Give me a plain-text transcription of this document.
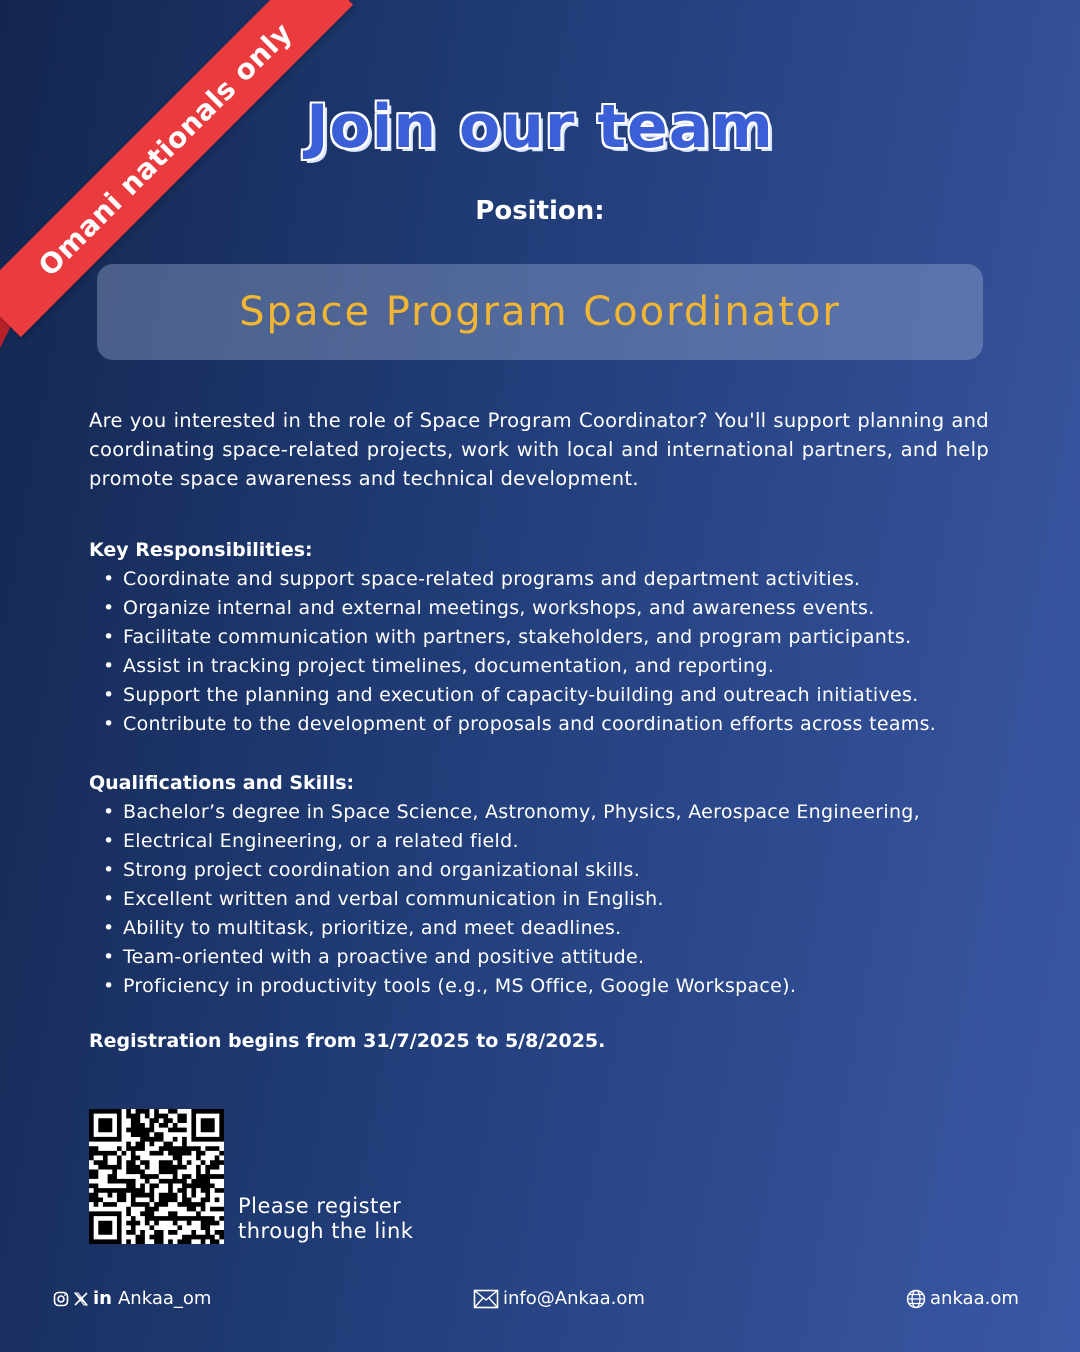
Omani nationals only Join our team
Position:
Space Program Coordinator
Are you interested in the role of Space Program Coordinator? You'll support planning and coordinating space-related projects, work with local and international partners, and help promote space awareness and technical development.
Key Responsibilities:
• Coordinate and support space-related programs and department activities.
• Organize internal and external meetings, workshops, and awareness events.
• Facilitate communication with partners, stakeholders, and program participants.
• Assist in tracking project timelines, documentation, and reporting.
• Support the planning and execution of capacity-building and outreach initiatives.
• Contribute to the development of proposals and coordination efforts across teams.
Qualifications and Skills:
• Bachelor’s degree in Space Science, Astronomy, Physics, Aerospace Engineering,
• Electrical Engineering, or a related field.
• Strong project coordination and organizational skills.
• Excellent written and verbal communication in English.
• Ability to multitask, prioritize, and meet deadlines.
• Team-oriented with a proactive and positive attitude.
• Proficiency in productivity tools (e.g., MS Office, Google Workspace).
Registration begins from 31/7/2025 to 5/8/2025.
Please register
through the link
in Ankaa_om	info@Ankaa.om	ankaa.om
